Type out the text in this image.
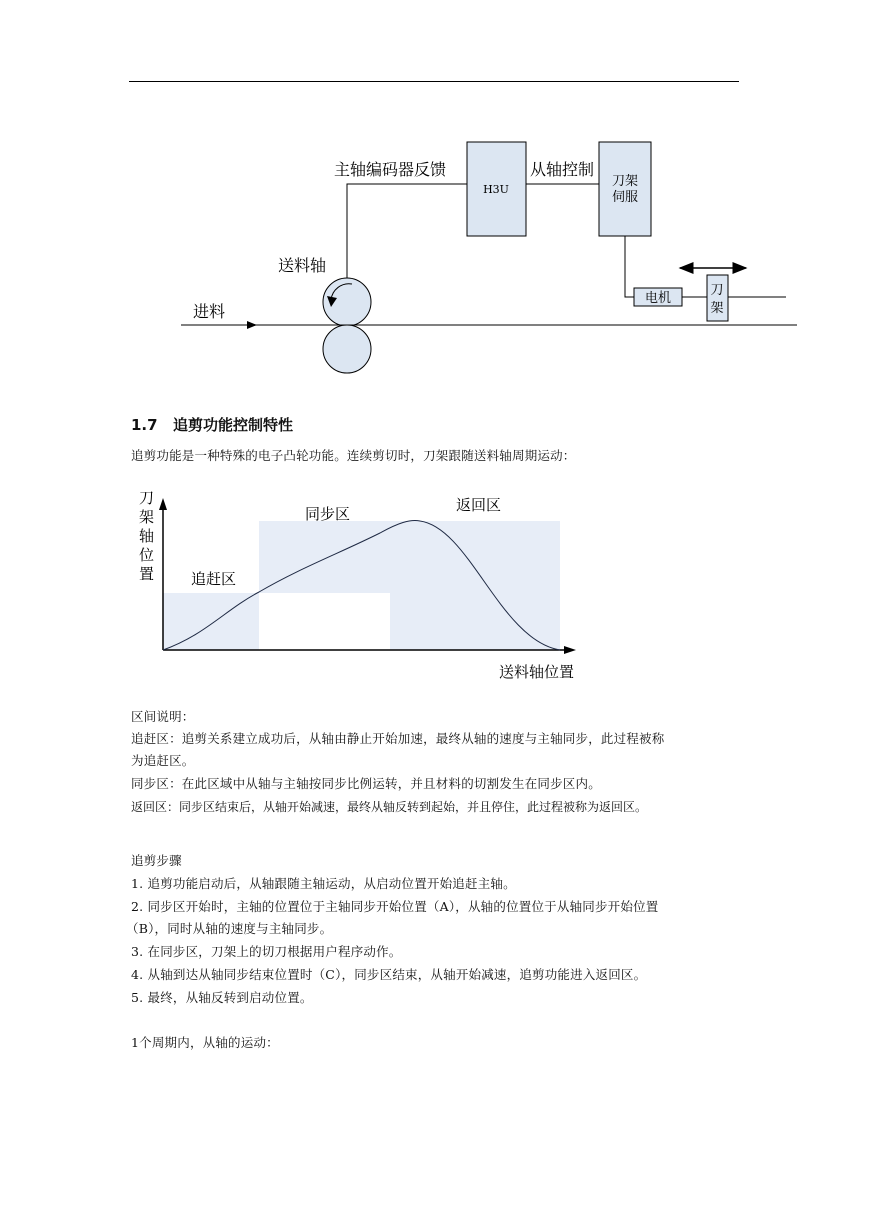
H3U
刀架
伺服
电机
刀
架
主轴编码器反馈	从轴控制
送料轴
进料
1.7 追剪功能控制特性

追剪功能是一种特殊的电子凸轮功能。连续剪切时，刀架跟随送料轴周期运动：

刀 架 轴 位 置	追赶区
同步区	返回区
送料轴位置

区间说明：

追赶区：追剪关系建立成功后，从轴由静止开始加速，最终从轴的速度与主轴同步，此过程被称

为追赶区。

同步区：在此区域中从轴与主轴按同步比例运转，并且材料的切割发生在同步区内。

返回区：同步区结束后，从轴开始减速，最终从轴反转到起始，并且停住，此过程被称为返回区。

追剪步骤

1. 追剪功能启动后，从轴跟随主轴运动，从启动位置开始追赶主轴。

2. 同步区开始时，主轴的位置位于主轴同步开始位置（A），从轴的位置位于从轴同步开始位置

（B），同时从轴的速度与主轴同步。

3. 在同步区，刀架上的切刀根据用户程序动作。

4. 从轴到达从轴同步结束位置时（C），同步区结束，从轴开始减速，追剪功能进入返回区。

5. 最终，从轴反转到启动位置。

1个周期内，从轴的运动：
